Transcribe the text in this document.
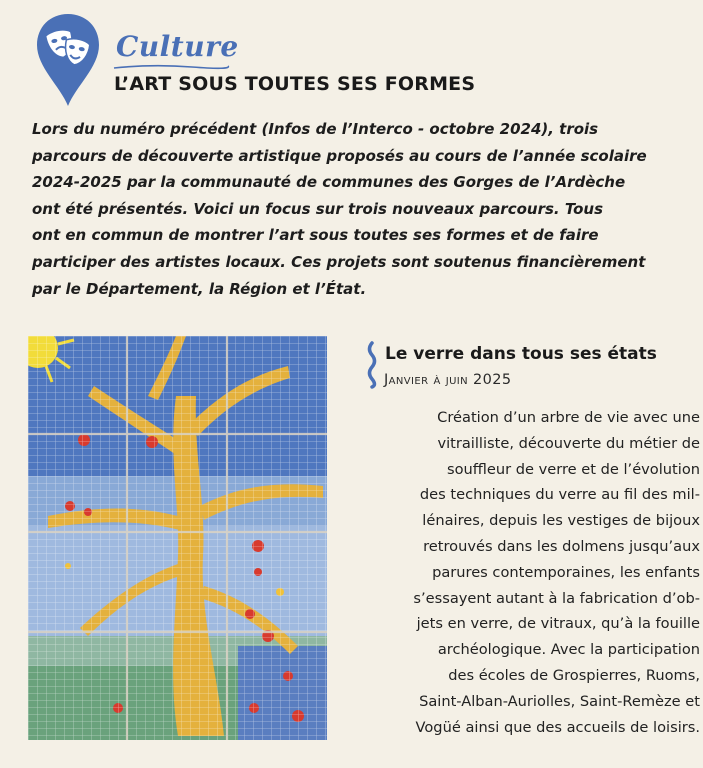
Culture
L’ART SOUS TOUTES SES FORMES
Lors du numéro précédent (Infos de l’Interco - octobre 2024), trois
parcours de découverte artistique proposés au cours de l’année scolaire
2024-2025 par la communauté de communes des Gorges de l’Ardèche
ont été présentés. Voici un focus sur trois nouveaux parcours. Tous
ont en commun de montrer l’art sous toutes ses formes et de faire
participer des artistes locaux. Ces projets sont soutenus financièrement
par le Département, la Région et l’État.
Le verre dans tous ses états
Janvier à juin 2025
Création d’un arbre de vie avec une
vitrailliste, découverte du métier de
souffleur de verre et de l’évolution
des techniques du verre au fil des mil-
lénaires, depuis les vestiges de bijoux
retrouvés dans les dolmens jusqu’aux
parures contemporaines, les enfants
s’essayent autant à la fabrication d’ob-
jets en verre, de vitraux, qu’à la fouille
archéologique. Avec la participation
des écoles de Grospierres, Ruoms,
Saint-Alban-Auriolles, Saint-Remèze et
Vogüé ainsi que des accueils de loisirs.
